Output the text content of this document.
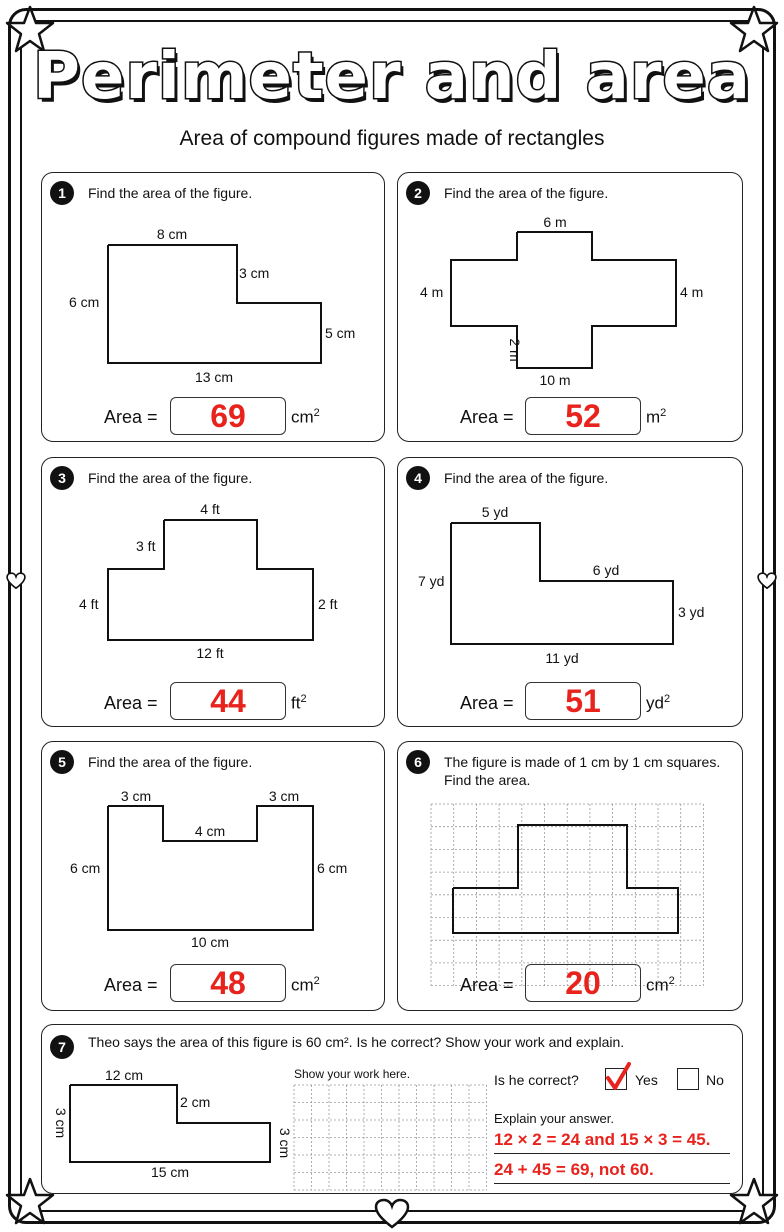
Perimeter and area
Area of compound figures made of rectangles
1	Find the area of the figure.
8 cm
3 cm
6 cm
5 cm
13 cm
Area =	69	$cm^2$
2	Find the area of the figure.
6 m
4 m	4 m
2 m
10 m
Area =	52	$m^2$
3	Find the area of the figure.
4 ft
3 ft
4 ft	2 ft
12 ft
Area =	44	$ft^2$
4	Find the area of the figure.
5 yd
7 yd
6 yd
3 yd
11 yd
Area =	51	$yd^2$
5	Find the area of the figure.
3 cm	3 cm
4 cm
6 cm	6 cm
10 cm
Area =	48	$cm^2$
6	The figure is made of 1 cm by 1 cm squares. Find the area.
Area =	20	$cm^2$
7	Theo says the area of this figure is 60 cm². Is he correct? Show your work and explain.
12 cm
2 cm
3 cm
15 cm
3 cm
Show your work here.	Is he correct?	Yes	No
Explain your answer.
12 × 2 = 24 and 15 × 3 = 45.
24 + 45 = 69, not 60.
